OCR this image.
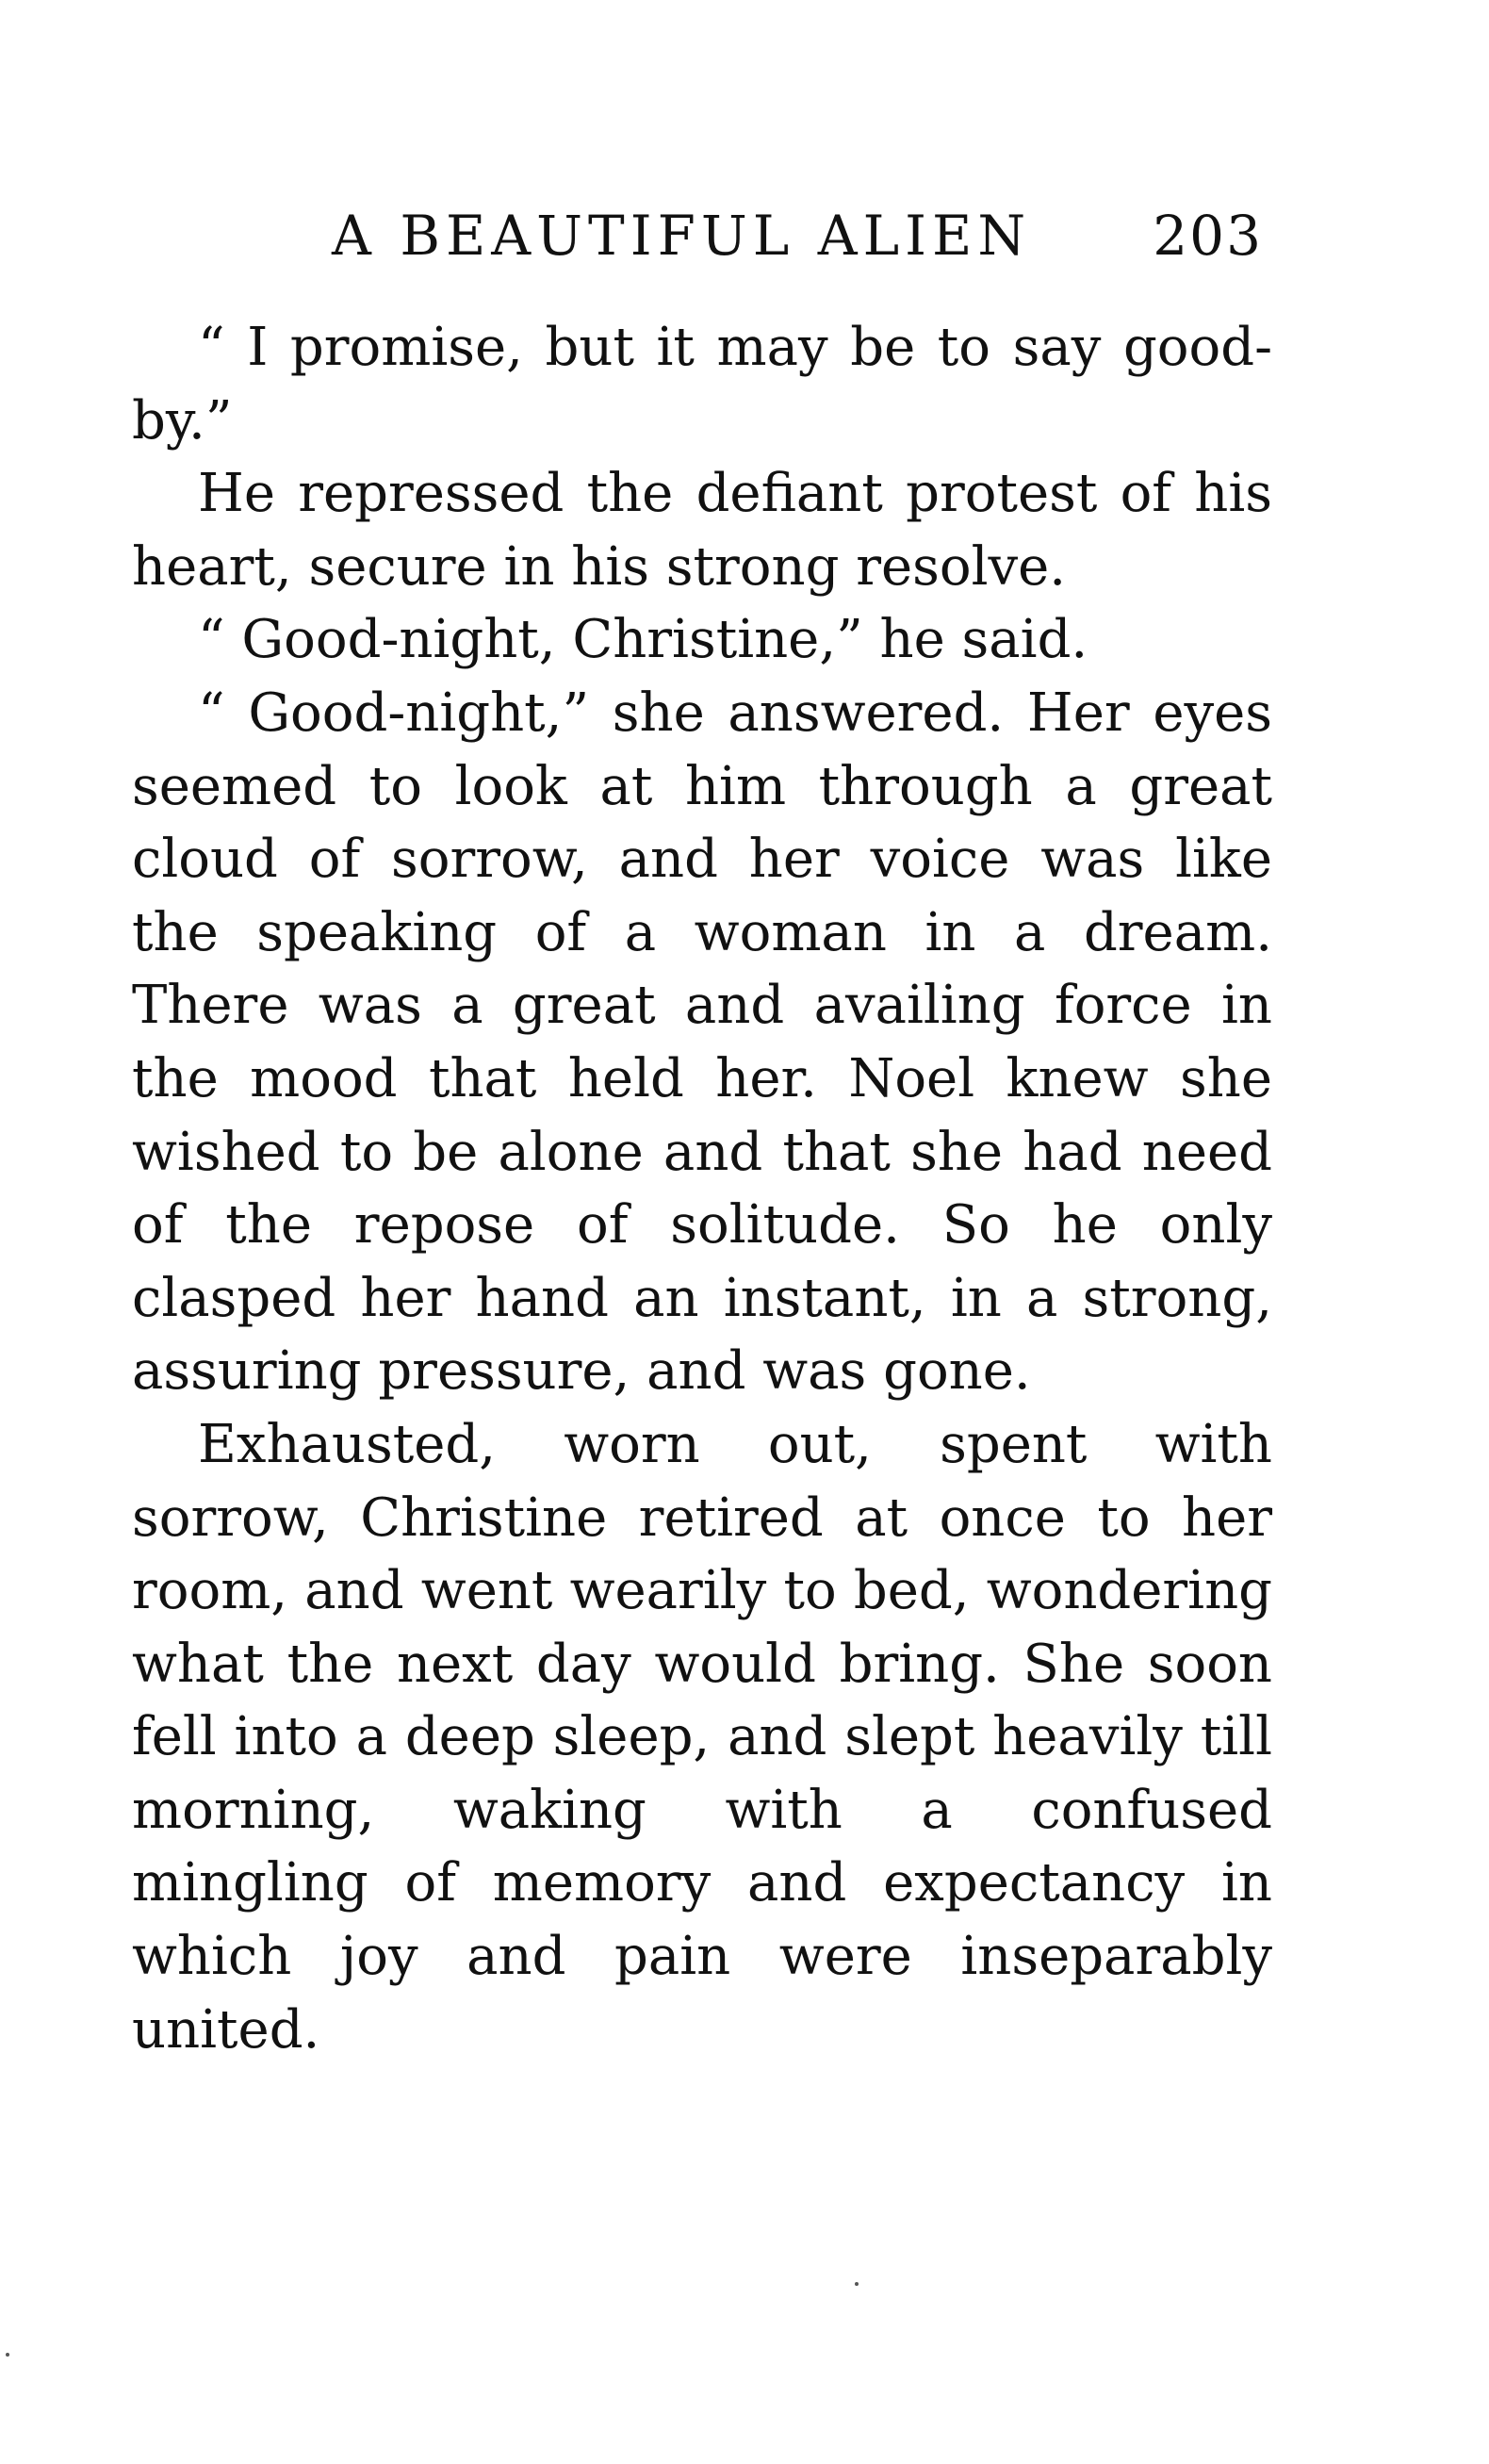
A BEAUTIFUL ALIEN 203

“ I promise, but it may be to say good-by.”

He repressed the defiant protest of his heart, secure in his strong resolve.

“ Good-night, Christine,” he said.

“ Good-night,” she answered. Her eyes seemed to look at him through a great cloud of sorrow, and her voice was like the speaking of a woman in a dream. There was a great and availing force in the mood that held her. Noel knew she wished to be alone and that she had need of the repose of solitude. So he only clasped her hand an instant, in a strong, assuring pressure, and was gone.

Exhausted, worn out, spent with sorrow, Christine retired at once to her room, and went wearily to bed, wondering what the next day would bring. She soon fell into a deep sleep, and slept heavily till morning, waking with a confused mingling of memory and expectancy in which joy and pain were inseparably united.
